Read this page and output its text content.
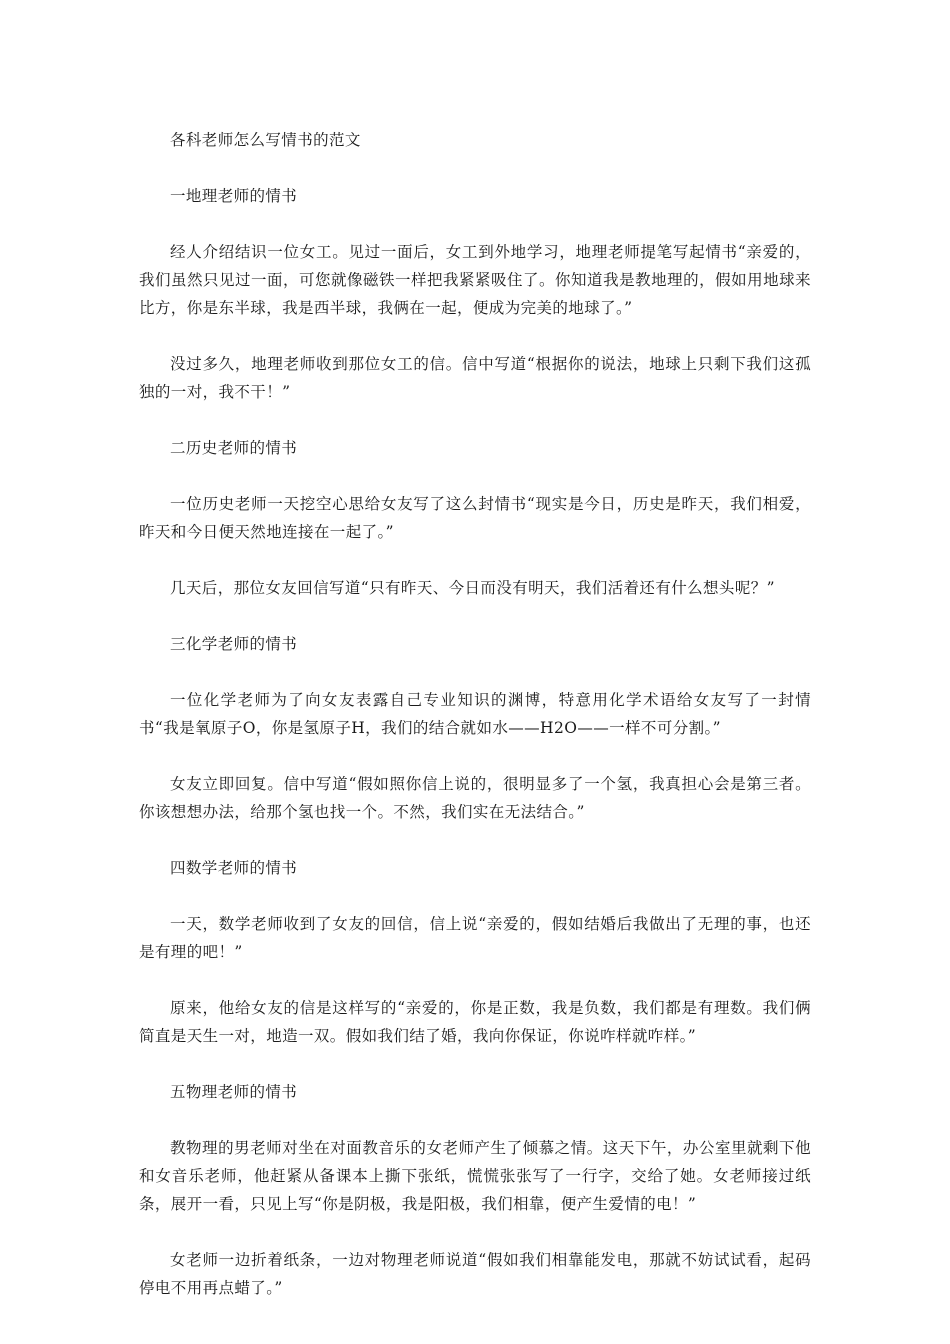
各科老师怎么写情书的范文

一地理老师的情书

经人介绍结识一位女工。见过一面后，女工到外地学习，地理老师提笔写起情书“亲爱的，我们虽然只见过一面，可您就像磁铁一样把我紧紧吸住了。你知道我是教地理的，假如用地球来比方，你是东半球，我是西半球，我俩在一起，便成为完美的地球了。”

没过多久，地理老师收到那位女工的信。信中写道“根据你的说法，地球上只剩下我们这孤独的一对，我不干！”

二历史老师的情书

一位历史老师一天挖空心思给女友写了这么封情书“现实是今日，历史是昨天，我们相爱，昨天和今日便天然地连接在一起了。”

几天后，那位女友回信写道“只有昨天、今日而没有明天，我们活着还有什么想头呢？”

三化学老师的情书

一位化学老师为了向女友表露自己专业知识的渊博，特意用化学术语给女友写了一封情书“我是氧原子O，你是氢原子H，我们的结合就如水——H2O——一样不可分割。”

女友立即回复。信中写道“假如照你信上说的，很明显多了一个氢，我真担心会是第三者。你该想想办法，给那个氢也找一个。不然，我们实在无法结合。”

四数学老师的情书

一天，数学老师收到了女友的回信，信上说“亲爱的，假如结婚后我做出了无理的事，也还是有理的吧！”

原来，他给女友的信是这样写的“亲爱的，你是正数，我是负数，我们都是有理数。我们俩简直是天生一对，地造一双。假如我们结了婚，我向你保证，你说咋样就咋样。”

五物理老师的情书

教物理的男老师对坐在对面教音乐的女老师产生了倾慕之情。这天下午，办公室里就剩下他和女音乐老师，他赶紧从备课本上撕下张纸，慌慌张张写了一行字，交给了她。女老师接过纸条，展开一看，只见上写“你是阴极，我是阳极，我们相靠，便产生爱情的电！”

女老师一边折着纸条，一边对物理老师说道“假如我们相靠能发电，那就不妨试试看，起码停电不用再点蜡了。”
